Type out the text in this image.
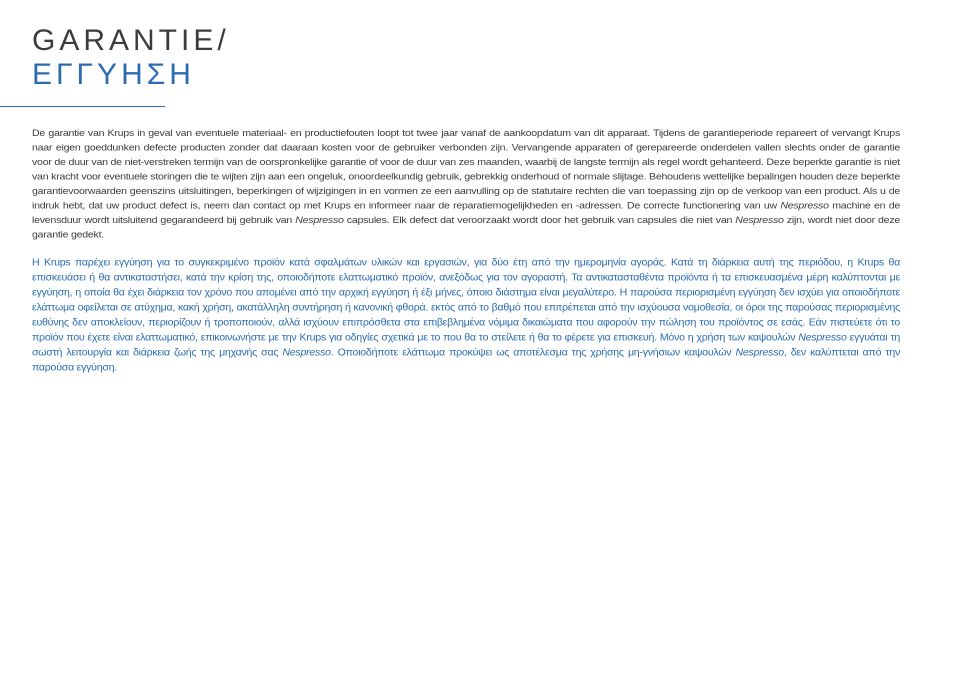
GARANTIE/
ΕΓΓΥΗΣΗ

De garantie van Krups in geval van eventuele materiaal- en productiefouten loopt tot twee jaar vanaf de aankoopdatum van dit apparaat. Tijdens de garantieperiode repareert of vervangt Krups naar eigen goeddunken defecte producten zonder dat daaraan kosten voor de gebruiker verbonden zijn. Vervangende apparaten of gerepareerde onderdelen vallen slechts onder de garantie voor de duur van de niet-verstreken termijn van de oorspronkelijke garantie of voor de duur van zes maanden, waarbij de langste termijn als regel wordt gehanteerd. Deze beperkte garantie is niet van kracht voor eventuele storingen die te wijten zijn aan een ongeluk, onoordeelkundig gebruik, gebrekkig onderhoud of normale slijtage. Behoudens wettelijke bepalingen houden deze beperkte garantievoorwaarden geenszins uitsluitingen, beperkingen of wijzigingen in en vormen ze een aanvulling op de statutaire rechten die van toepassing zijn op de verkoop van een product. Als u de indruk hebt, dat uw product defect is, neem dan contact op met Krups en informeer naar de reparatiemogelijkheden en -adressen. De correcte functionering van uw Nespresso machine en de levensduur wordt uitsluitend gegarandeerd bij gebruik van Nespresso capsules. Elk defect dat veroorzaakt wordt door het gebruik van capsules die niet van Nespresso zijn, wordt niet door deze garantie gedekt.

Η Krups παρέχει εγγύηση για το συγκεκριμένο προϊόν κατά σφαλμάτων υλικών και εργασιών, για δύο έτη από την ημερομηνία αγοράς. Κατά τη διάρκεια αυτή της περιόδου, η Krups θα επισκευάσει ή θα αντικαταστήσει, κατά την κρίση της, οποιοδήποτε ελαττωματικό προϊόν, ανεξόδως για τον αγοραστή. Τα αντικατασταθέντα προϊόντα ή τα επισκευασμένα μέρη καλύπτονται με εγγύηση, η οποία θα έχει διάρκεια τον χρόνο που απομένει από την αρχική εγγύηση ή έξι μήνες, όποιο διάστημα είναι μεγαλύτερο. Η παρούσα περιορισμένη εγγύηση δεν ισχύει για οποιοδήποτε ελάττωμα οφείλεται σε ατύχημα, κακή χρήση, ακατάλληλη συντήρηση ή κανονική φθορά. εκτός από το βαθμό που επιτρέπεται από την ισχύουσα νομοθεσία, οι όροι της παρούσας περιορισμένης ευθύνης δεν αποκλείουν, περιορίζουν ή τροποποιούν, αλλά ισχύουν επιπρόσθετα στα επιβεβλημένα νόμιμα δικαιώματα που αφορούν την πώληση του προϊόντος σε εσάς. Εάν πιστεύετε ότι το προϊόν που έχετε είναι ελαττωματικό, επικοινωνήστε με την Krups για οδηγίες σχετικά με το που θα το στείλετε ή θα το φέρετε για επισκευή. Μόνο η χρήση των καψουλών Nespresso εγγυάται τη σωστή λειτουργία και διάρκεια ζωής της μηχανής σας Nespresso. Οποιοδήποτε ελάττωμα προκύψει ως αποτέλεσμα της χρήσης μη-γνήσιων καψουλών Nespresso, δεν καλύπτεται από την παρούσα εγγύηση.
